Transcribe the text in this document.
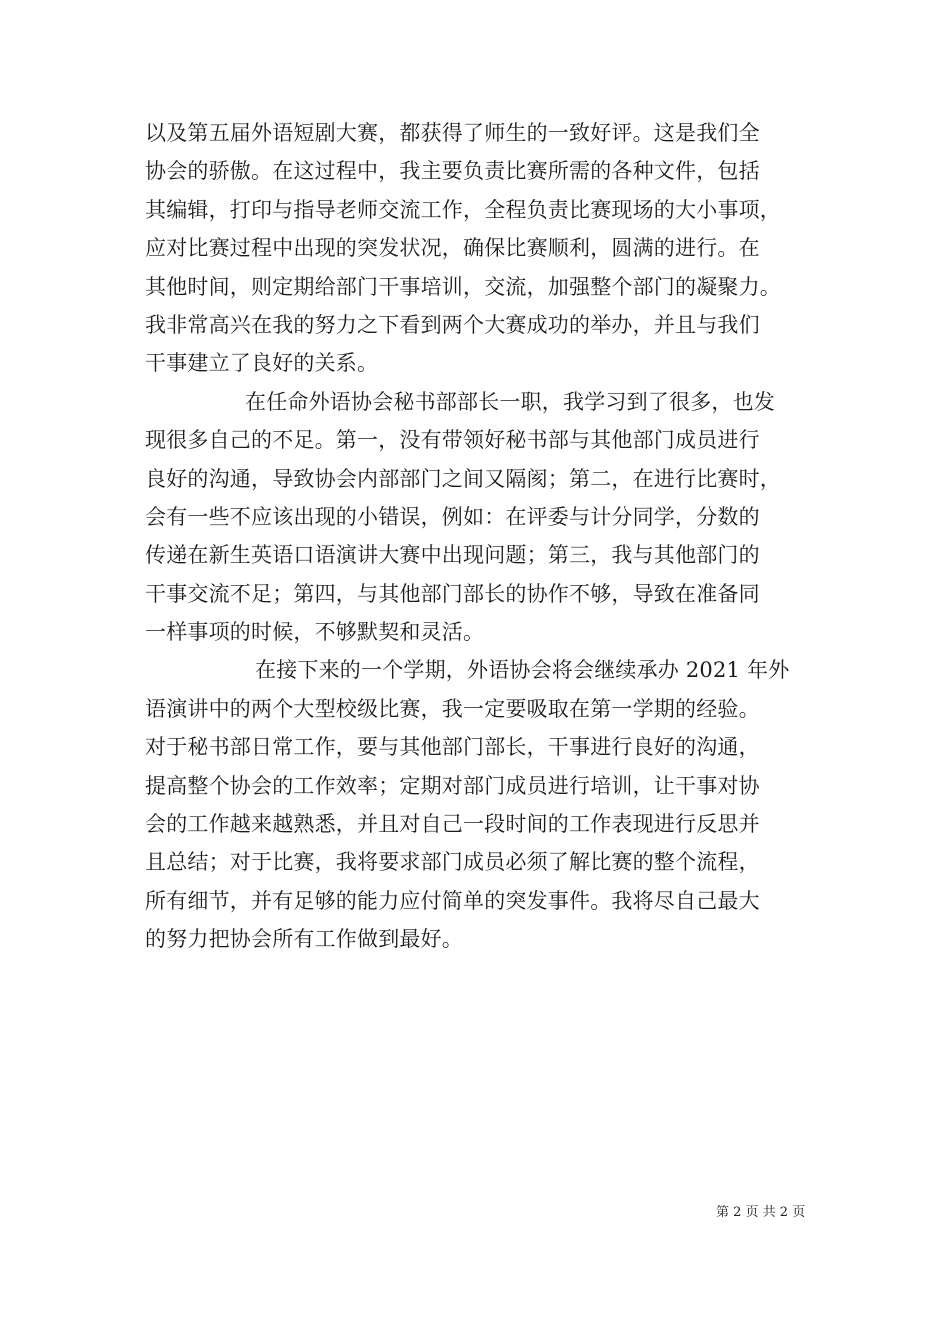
以及第五届外语短剧大赛，都获得了师生的一致好评。这是我们全
协会的骄傲。在这过程中，我主要负责比赛所需的各种文件，包括
其编辑，打印与指导老师交流工作，全程负责比赛现场的大小事项，
应对比赛过程中出现的突发状况，确保比赛顺利，圆满的进行。在
其他时间，则定期给部门干事培训，交流，加强整个部门的凝聚力。
我非常高兴在我的努力之下看到两个大赛成功的举办，并且与我们
干事建立了良好的关系。
在任命外语协会秘书部部长一职，我学习到了很多，也发
现很多自己的不足。第一，没有带领好秘书部与其他部门成员进行
良好的沟通，导致协会内部部门之间又隔阂；第二，在进行比赛时，
会有一些不应该出现的小错误，例如：在评委与计分同学，分数的
传递在新生英语口语演讲大赛中出现问题；第三，我与其他部门的
干事交流不足；第四，与其他部门部长的协作不够，导致在准备同
一样事项的时候，不够默契和灵活。
在接下来的一个学期，外语协会将会继续承办 2021 年外
语演讲中的两个大型校级比赛，我一定要吸取在第一学期的经验。
对于秘书部日常工作，要与其他部门部长，干事进行良好的沟通，
提高整个协会的工作效率；定期对部门成员进行培训，让干事对协
会的工作越来越熟悉，并且对自己一段时间的工作表现进行反思并
且总结；对于比赛，我将要求部门成员必须了解比赛的整个流程，
所有细节，并有足够的能力应付简单的突发事件。我将尽自己最大
的努力把协会所有工作做到最好。
第 2 页 共 2 页
